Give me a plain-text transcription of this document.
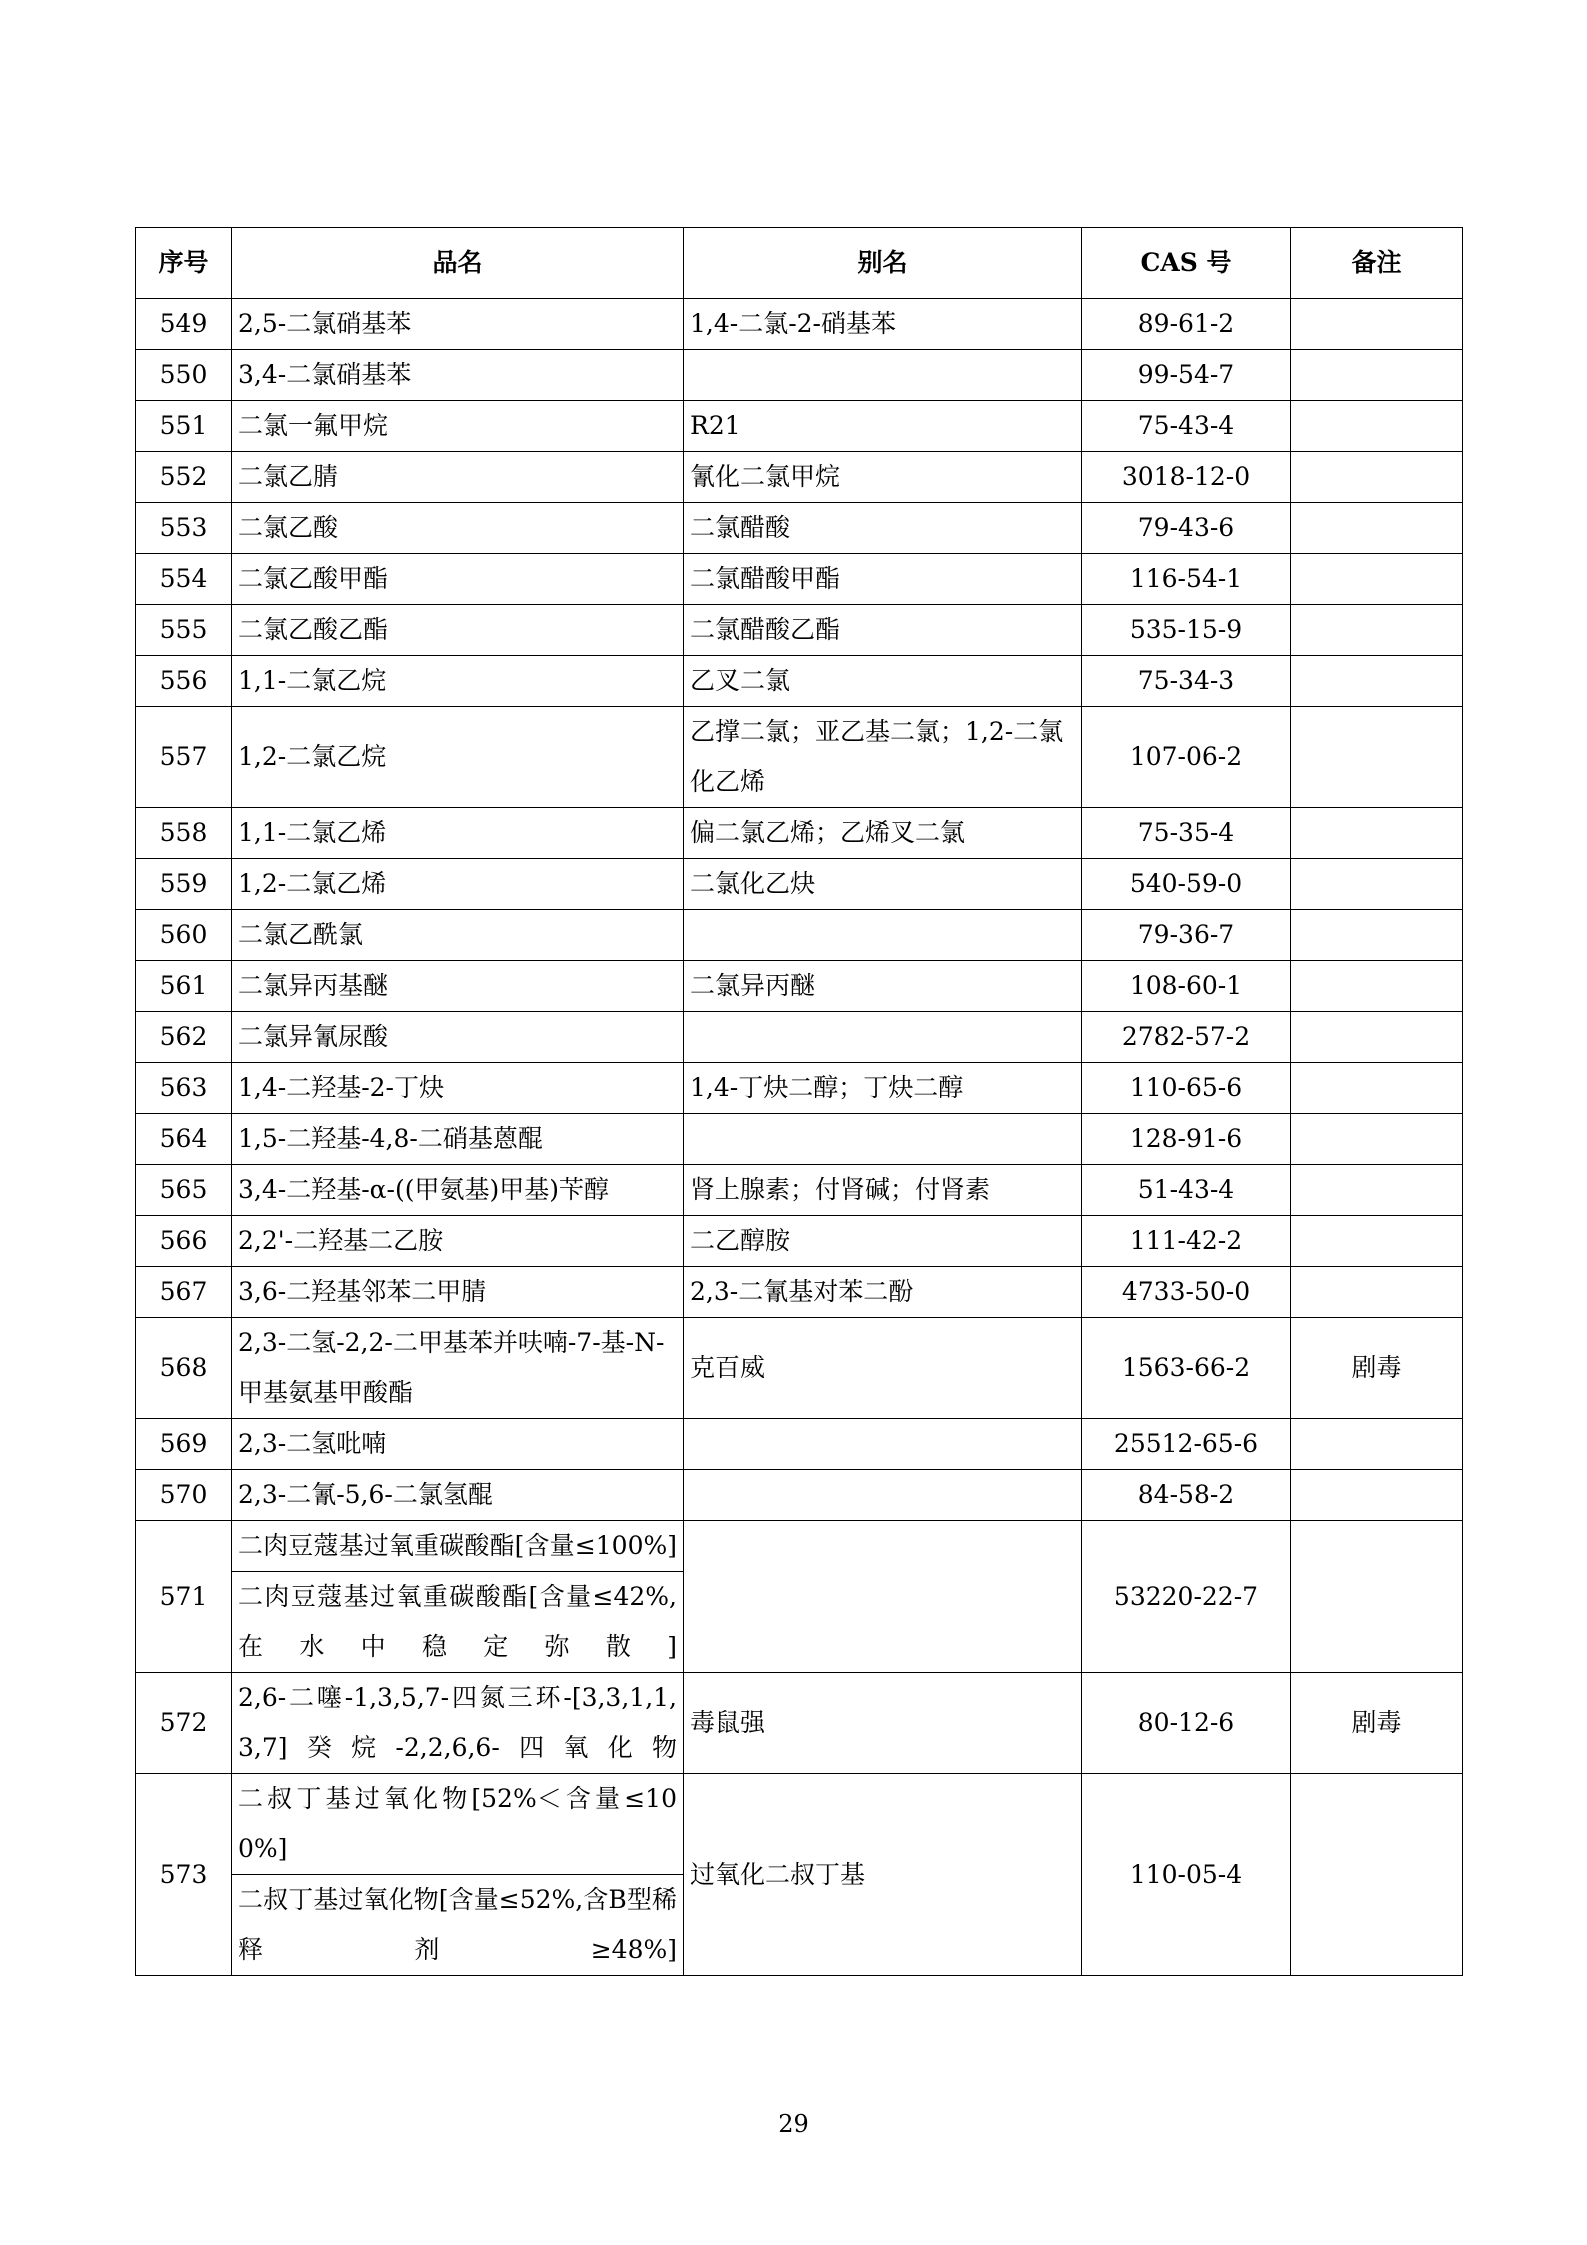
序号	品名	别名	CAS 号	备注
549	2,5-二氯硝基苯	1,4-二氯-2-硝基苯	89-61-2	
550	3,4-二氯硝基苯		99-54-7	
551	二氯一氟甲烷	R21	75-43-4	
552	二氯乙腈	氰化二氯甲烷	3018-12-0	
553	二氯乙酸	二氯醋酸	79-43-6	
554	二氯乙酸甲酯	二氯醋酸甲酯	116-54-1	
555	二氯乙酸乙酯	二氯醋酸乙酯	535-15-9	
556	1,1-二氯乙烷	乙叉二氯	75-34-3	
557	1,2-二氯乙烷	乙撑二氯；亚乙基二氯；1,2-二氯化乙烯	107-06-2	
558	1,1-二氯乙烯	偏二氯乙烯；乙烯叉二氯	75-35-4	
559	1,2-二氯乙烯	二氯化乙炔	540-59-0	
560	二氯乙酰氯		79-36-7	
561	二氯异丙基醚	二氯异丙醚	108-60-1	
562	二氯异氰尿酸		2782-57-2	
563	1,4-二羟基-2-丁炔	1,4-丁炔二醇；丁炔二醇	110-65-6	
564	1,5-二羟基-4,8-二硝基蒽醌		128-91-6	
565	3,4-二羟基-α-((甲氨基)甲基)苄醇	肾上腺素；付肾碱；付肾素	51-43-4	
566	2,2'-二羟基二乙胺	二乙醇胺	111-42-2	
567	3,6-二羟基邻苯二甲腈	2,3-二氰基对苯二酚	4733-50-0	
568	2,3-二氢-2,2-二甲基苯并呋喃-7-基-N-甲基氨基甲酸酯	克百威	1563-66-2	剧毒
569	2,3-二氢吡喃		25512-65-6	
570	2,3-二氰-5,6-二氯氢醌		84-58-2	
571	二肉豆蔻基过氧重碳酸酯[含量≤100%]		53220-22-7	
	二肉豆蔻基过氧重碳酸酯[含量≤42%,在水中稳定弥散]			
572	2,6-二噻-1,3,5,7-四氮三环-[3,3,1,1,3,7]癸烷-2,2,6,6-四氧化物	毒鼠强	80-12-6	剧毒
573	二叔丁基过氧化物[52%＜含量≤100%]	过氧化二叔丁基	110-05-4	
	二叔丁基过氧化物[含量≤52%,含B型稀释剂≥48%]			
29
